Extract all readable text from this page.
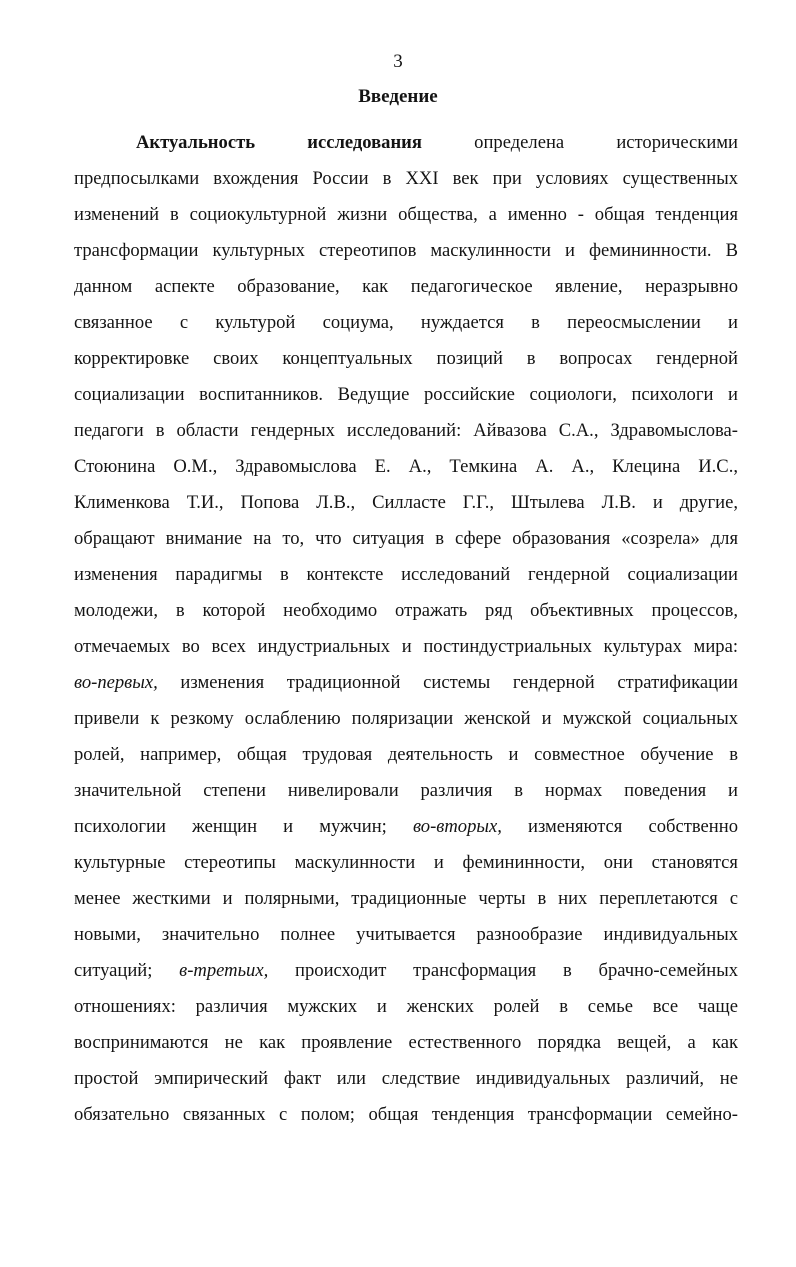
3
Введение
Актуальность	исследования	определена историческими
предпосылками вхождения России в XXI век при условиях существенных
изменений в социокультурной жизни общества, а именно - общая тенденция
трансформации культурных стереотипов маскулинности и фемининности. В
данном аспекте образование, как педагогическое явление, неразрывно
связанное с культурой социума, нуждается в переосмыслении и
корректировке своих концептуальных позиций в вопросах гендерной
социализации воспитанников. Ведущие российские социологи, психологи и
педагоги в области гендерных исследований: Айвазова С.А., Здравомыслова-
Стоюнина О.М., Здравомыслова Е. А., Темкина А. А., Клецина И.С.,
Клименкова Т.И., Попова Л.В., Силласте Г.Г., Штылева Л.В. и другие,
обращают внимание на то, что ситуация в сфере образования «созрела» для
изменения парадигмы в контексте исследований гендерной социализации
молодежи, в которой необходимо отражать ряд объективных процессов,
отмечаемых во всех индустриальных и постиндустриальных культурах мира:
во-первых, изменения традиционной системы гендерной стратификации
привели к резкому ослаблению поляризации женской и мужской социальных
ролей, например, общая трудовая деятельность и совместное обучение в
значительной степени нивелировали различия в нормах поведения и
психологии женщин и мужчин; во-вторых, изменяются собственно
культурные стереотипы маскулинности и фемининности, они становятся
менее жесткими и полярными, традиционные черты в них переплетаются с
новыми, значительно полнее учитывается разнообразие индивидуальных
ситуаций; в-третьих, происходит трансформация в брачно-семейных
отношениях: различия мужских и женских ролей в семье все чаще
воспринимаются не как проявление естественного порядка вещей, а как
простой эмпирический факт или следствие индивидуальных различий, не
обязательно связанных с полом; общая тенденция трансформации семейно-
